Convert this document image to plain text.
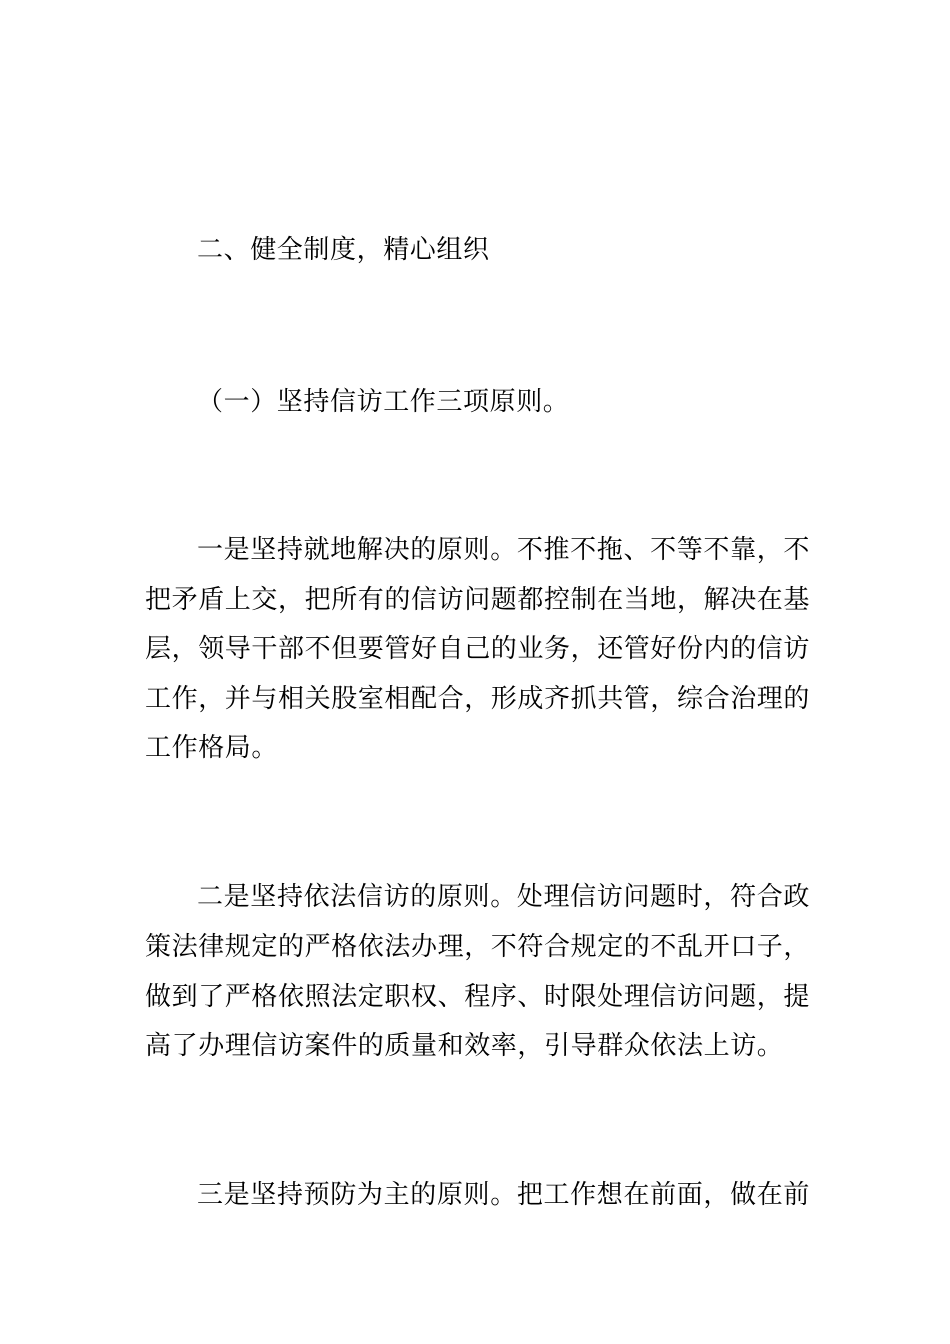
二、健全制度，精心组织
（一）坚持信访工作三项原则。
一是坚持就地解决的原则。不推不拖、不等不靠，不
把矛盾上交，把所有的信访问题都控制在当地，解决在基
层，领导干部不但要管好自己的业务，还管好份内的信访
工作，并与相关股室相配合，形成齐抓共管，综合治理的
工作格局。
二是坚持依法信访的原则。处理信访问题时，符合政
策法律规定的严格依法办理，不符合规定的不乱开口子，
做到了严格依照法定职权、程序、时限处理信访问题，提
高了办理信访案件的质量和效率，引导群众依法上访。
三是坚持预防为主的原则。把工作想在前面，做在前
